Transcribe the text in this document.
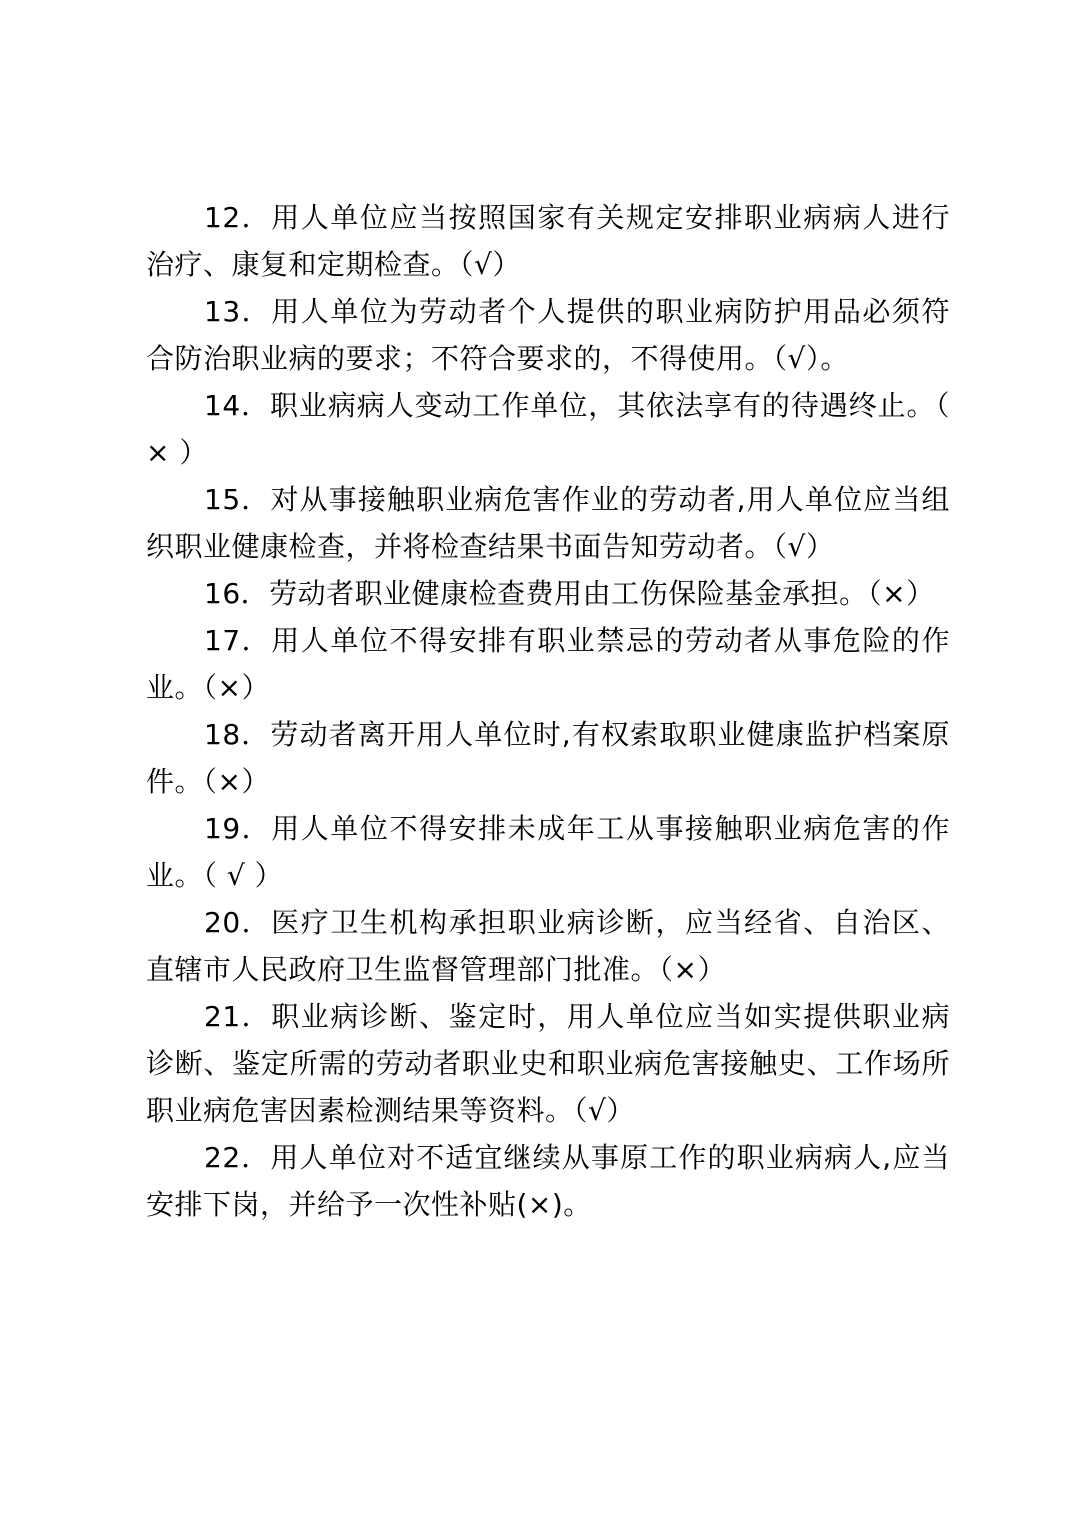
12．用人单位应当按照国家有关规定安排职业病病人进行治疗、康复和定期检查。（√）

13．用人单位为劳动者个人提供的职业病防护用品必须符合防治职业病的要求；不符合要求的，不得使用。（√）。

14．职业病病人变动工作单位，其依法享有的待遇终止。（ × ）

15．对从事接触职业病危害作业的劳动者,用人单位应当组织职业健康检查，并将检查结果书面告知劳动者。（√）

16．劳动者职业健康检查费用由工伤保险基金承担。（×）

17．用人单位不得安排有职业禁忌的劳动者从事危险的作业。（×）

18．劳动者离开用人单位时,有权索取职业健康监护档案原件。（×）

19．用人单位不得安排未成年工从事接触职业病危害的作业。（ √ ）

20．医疗卫生机构承担职业病诊断，应当经省、自治区、直辖市人民政府卫生监督管理部门批准。（×）

21．职业病诊断、鉴定时，用人单位应当如实提供职业病诊断、鉴定所需的劳动者职业史和职业病危害接触史、工作场所职业病危害因素检测结果等资料。（√）

22．用人单位对不适宜继续从事原工作的职业病病人,应当安排下岗，并给予一次性补贴(×)。
